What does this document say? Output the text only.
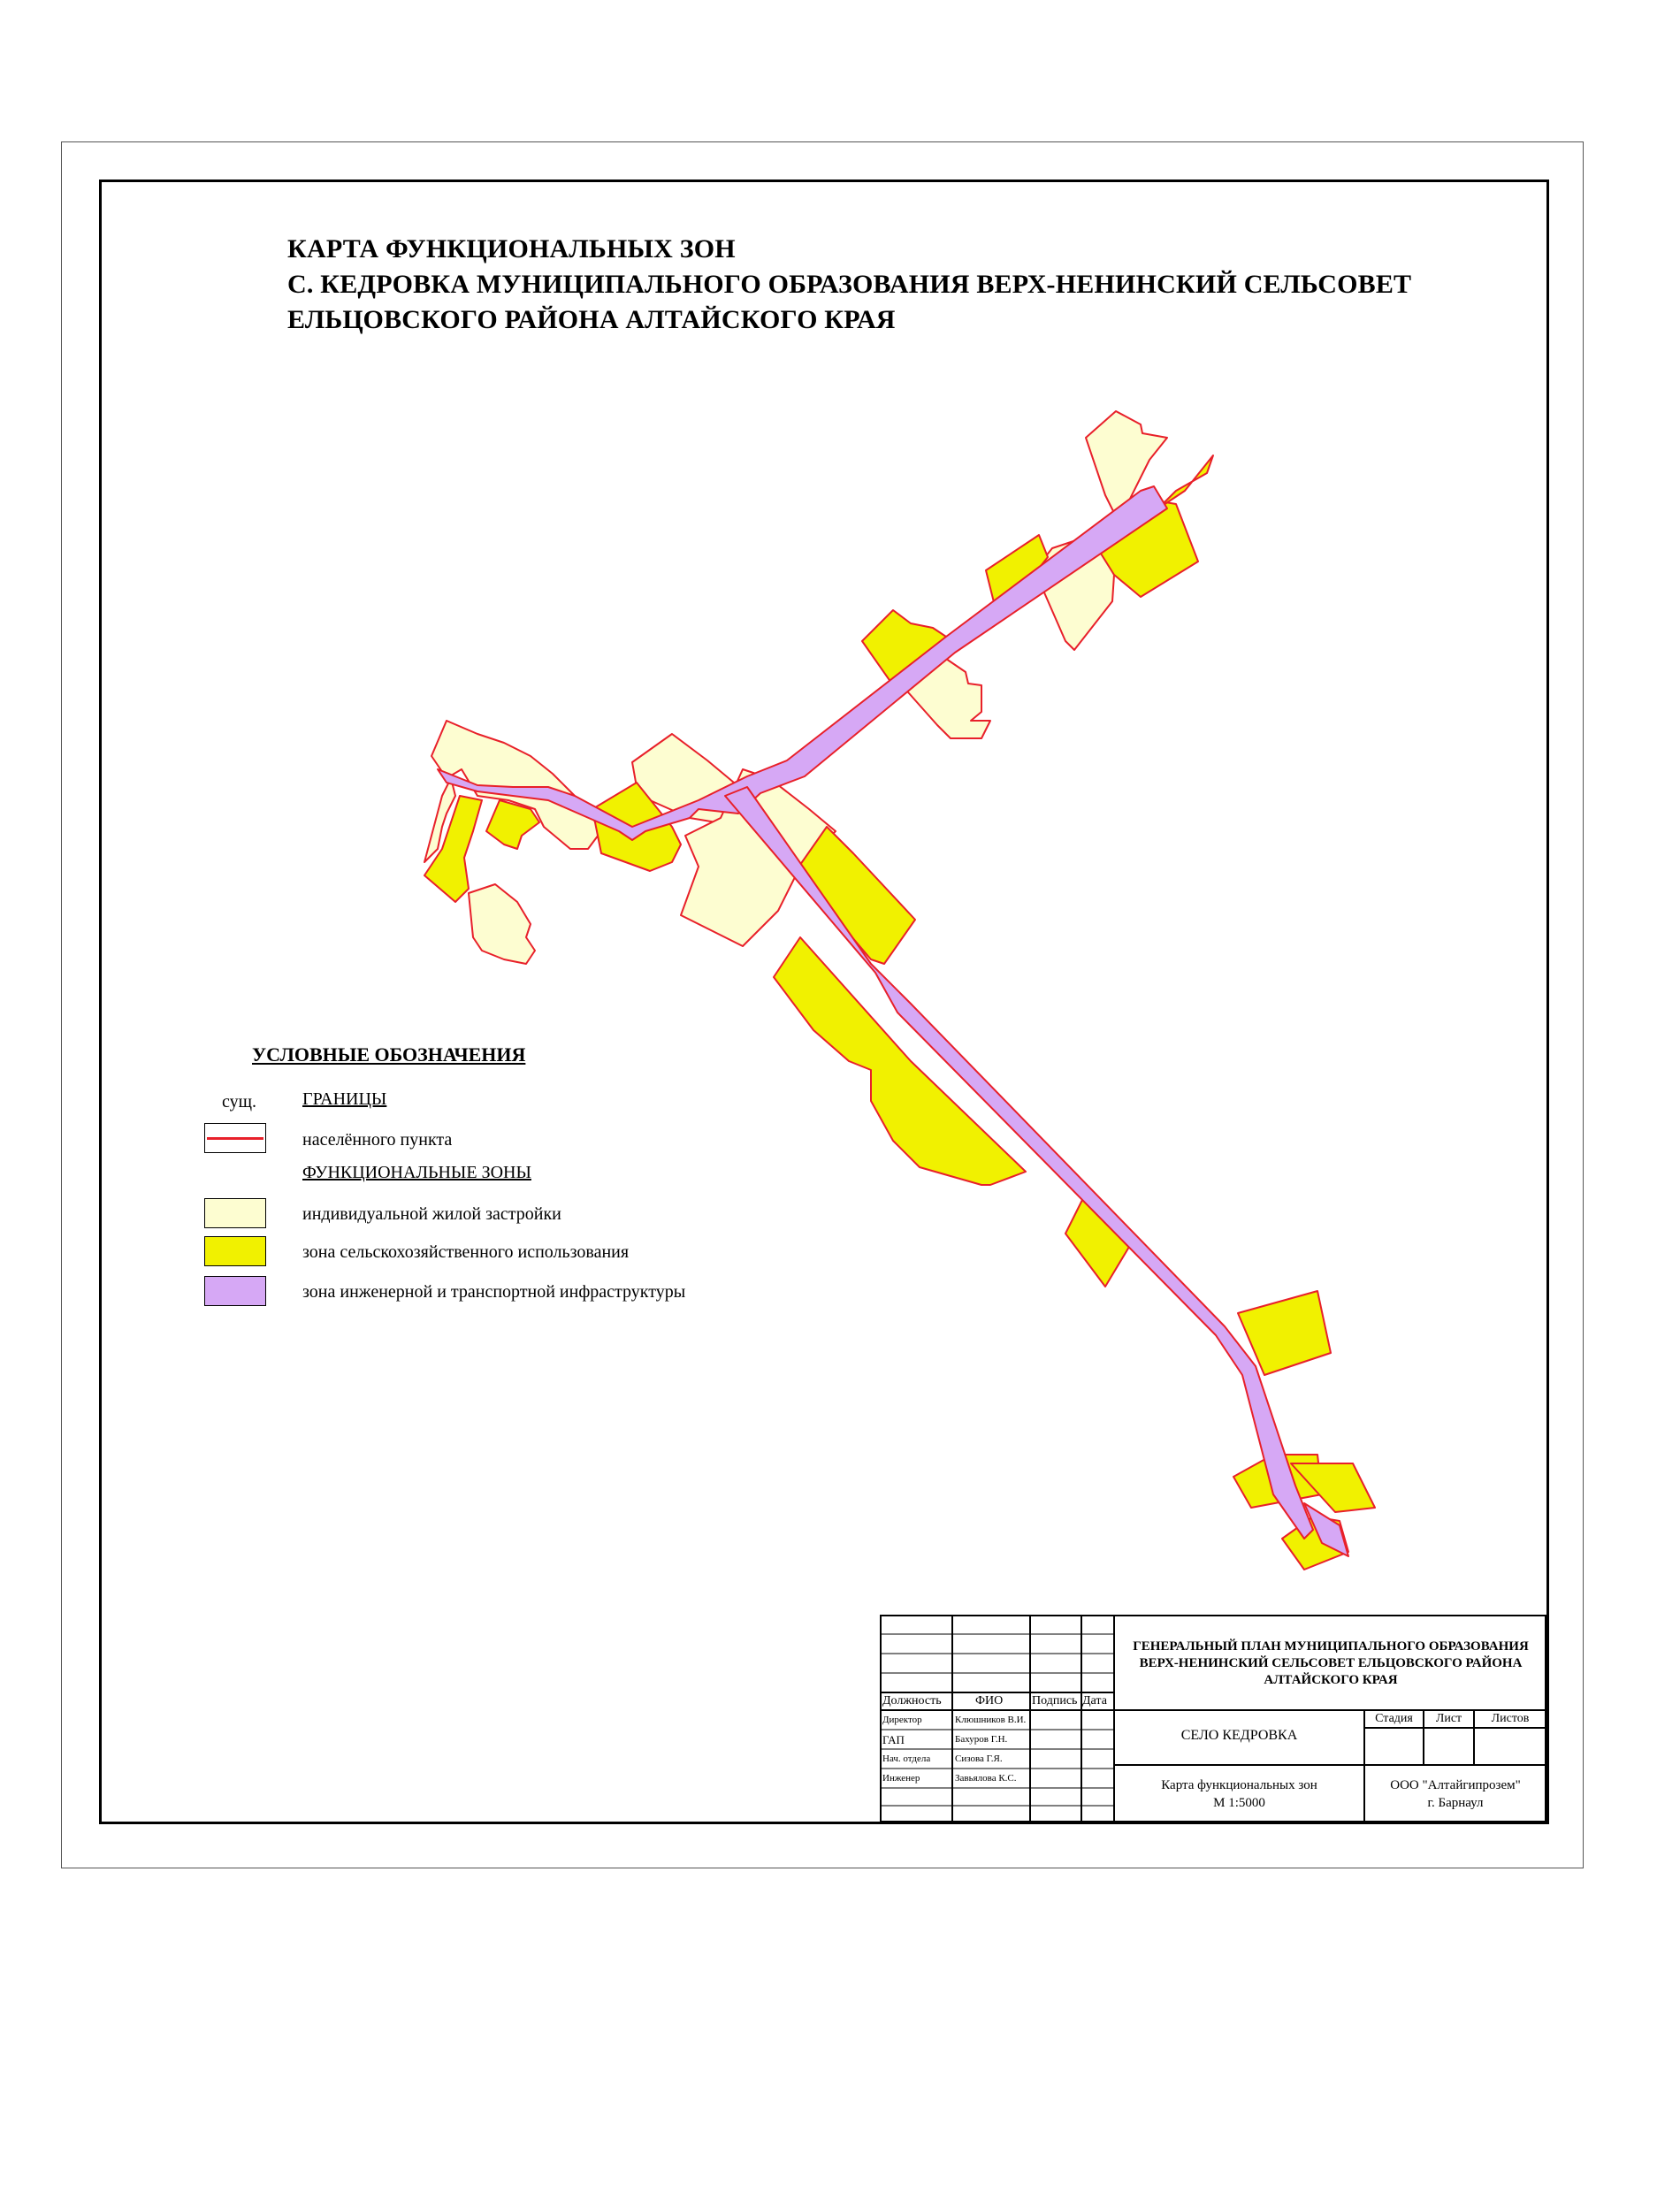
КАРТА ФУНКЦИОНАЛЬНЫХ ЗОН
С. КЕДРОВКА МУНИЦИПАЛЬНОГО ОБРАЗОВАНИЯ ВЕРХ-НЕНИНСКИЙ СЕЛЬСОВЕТ
ЕЛЬЦОВСКОГО РАЙОНА АЛТАЙСКОГО КРАЯ
УСЛОВНЫЕ ОБОЗНАЧЕНИЯ
сущ.	ГРАНИЦЫ
населённого пункта
ФУНКЦИОНАЛЬНЫЕ ЗОНЫ
индивидуальной жилой застройки
зона сельскохозяйственного использования
зона инженерной и транспортной инфраструктуры
Должность	ФИО Подпись Дата
Директор	Клюшников В.И.
ГАП	Бахуров Г.Н.
Нач. отдела	Сизова Г.Я.
Инженер	Завьялова К.С.
ГЕНЕРАЛЬНЫЙ ПЛАН МУНИЦИПАЛЬНОГО ОБРАЗОВАНИЯ
ВЕРХ-НЕНИНСКИЙ СЕЛЬСОВЕТ ЕЛЬЦОВСКОГО РАЙОНА
АЛТАЙСКОГО КРАЯ
СЕЛО КЕДРОВКА
Стадия	Лист	Листов
Карта функциональных зон
М 1:5000
ООО "Алтайгипрозем"
г. Барнаул
